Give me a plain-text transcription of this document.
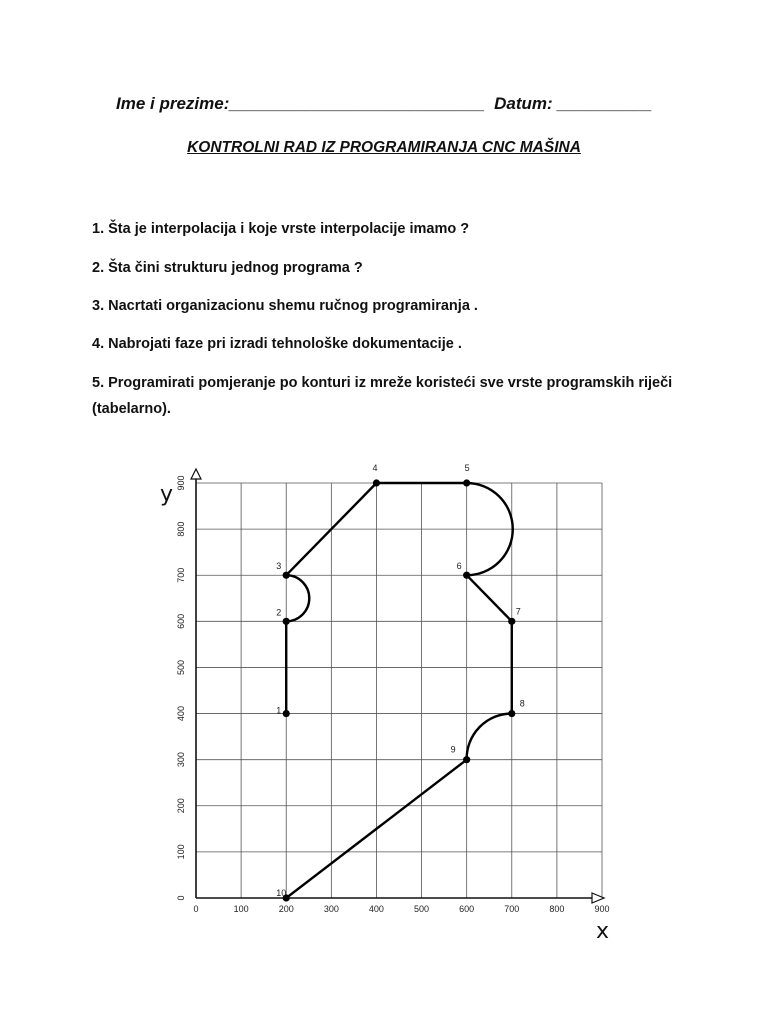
Ime i prezime:___________________________ Datum: __________
KONTROLNI RAD IZ PROGRAMIRANJA CNC MAŠINA
1. Šta je interpolacija i koje vrste interpolacije imamo ?
2. Šta čini strukturu jednog programa ?
3. Nacrtati organizacionu shemu ručnog programiranja .
4. Nabrojati faze pri izradi tehnološke dokumentacije .
5. Programirati pomjeranje po konturi iz mreže koristeći sve vrste programskih riječi (tabelarno).
0	100	200	300	400	500	600	700	800	900
0
100
200
300
400
500
600
700
800
900
y
x
1
2
3
4	5
6
7
8
9
10
